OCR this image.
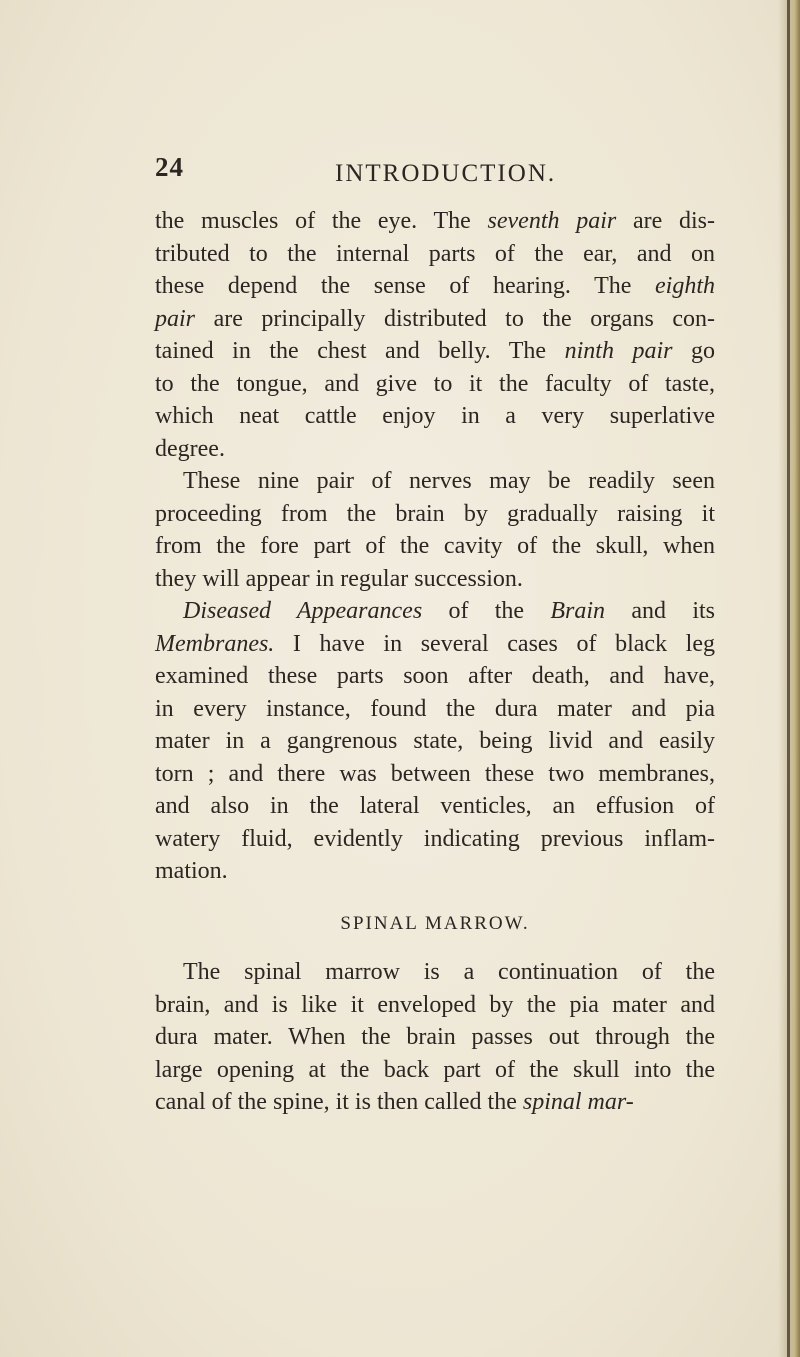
24	INTRODUCTION.
the muscles of the eye. The seventh pair are dis-
tributed to the internal parts of the ear, and on
these depend the sense of hearing. The eighth
pair are principally distributed to the organs con-
tained in the chest and belly. The ninth pair go
to the tongue, and give to it the faculty of taste,
which neat cattle enjoy in a very superlative
degree.
These nine pair of nerves may be readily seen
proceeding from the brain by gradually raising it
from the fore part of the cavity of the skull, when
they will appear in regular succession.
Diseased Appearances of the Brain and its
Membranes. I have in several cases of black leg
examined these parts soon after death, and have,
in every instance, found the dura mater and pia
mater in a gangrenous state, being livid and easily
torn ; and there was between these two membranes,
and also in the lateral venticles, an effusion of
watery fluid, evidently indicating previous inflam-
mation.
SPINAL MARROW.
The spinal marrow is a continuation of the
brain, and is like it enveloped by the pia mater and
dura mater. When the brain passes out through the
large opening at the back part of the skull into the
canal of the spine, it is then called the spinal mar-
